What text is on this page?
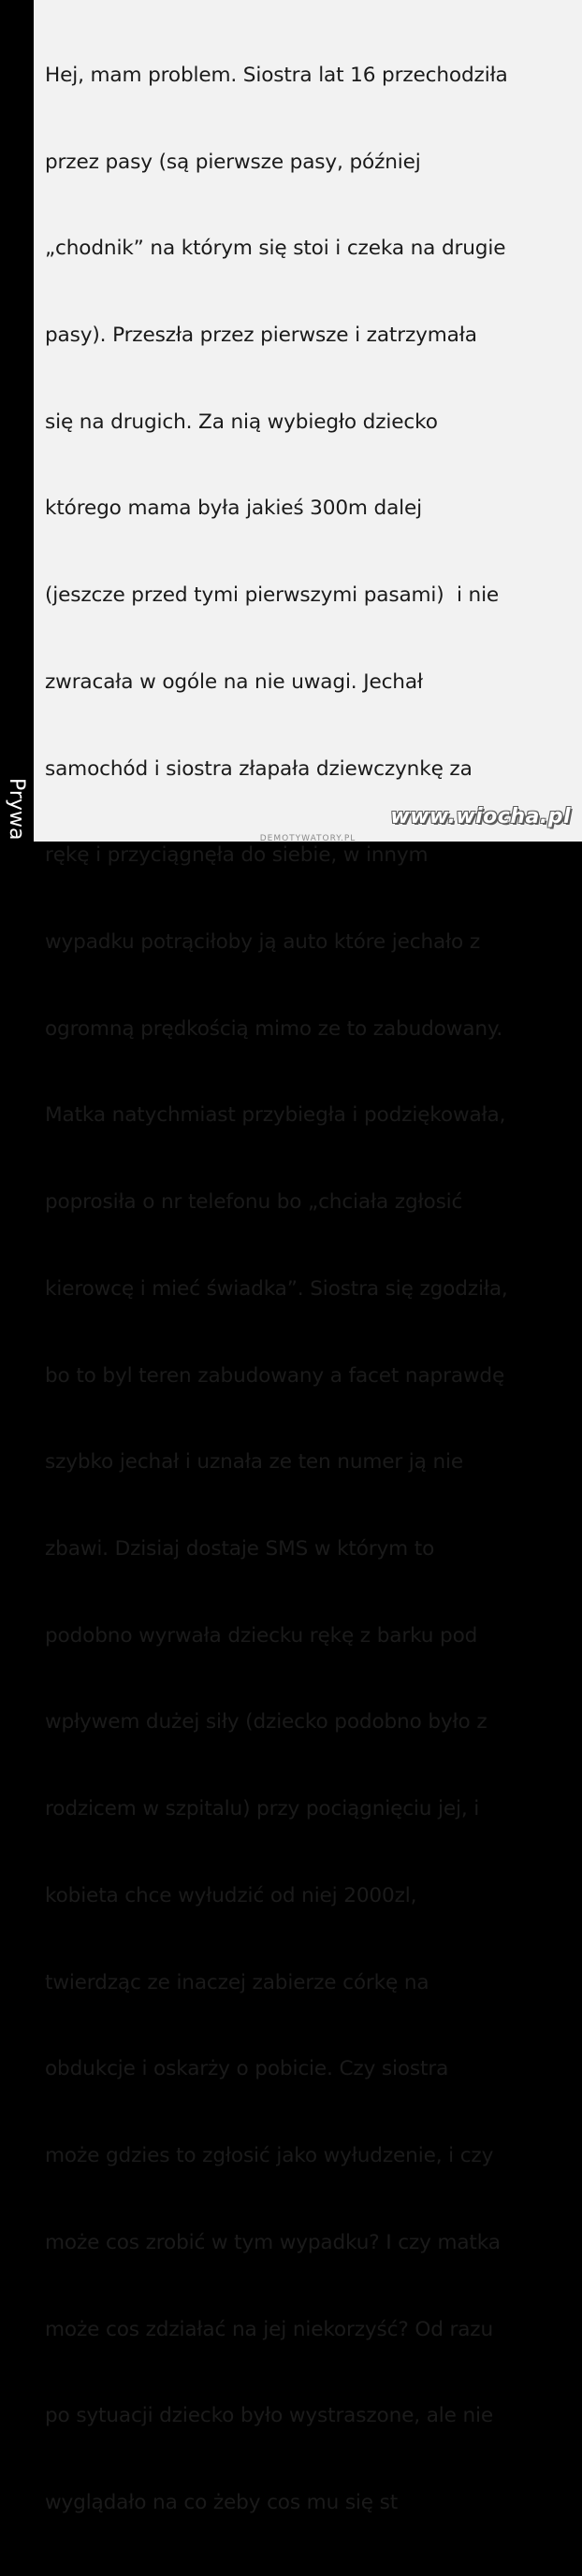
Hej, mam problem. Siostra lat 16 przechodziła

przez pasy (są pierwsze pasy, później

„chodnik” na którym się stoi i czeka na drugie

pasy). Przeszła przez pierwsze i zatrzymała

się na drugich. Za nią wybiegło dziecko

którego mama była jakieś 300m dalej

(jeszcze przed tymi pierwszymi pasami)  i nie

zwracała w ogóle na nie uwagi. Jechał

samochód i siostra złapała dziewczynkę za

rękę i przyciągnęła do siebie, w innym

wypadku potrąciłoby ją auto które jechało z

ogromną prędkością mimo ze to zabudowany.

Matka natychmiast przybiegła i podziękowała,

poprosiła o nr telefonu bo „chciała zgłosić

kierowcę i mieć świadka”. Siostra się zgodziła,

bo to byl teren zabudowany a facet naprawdę

szybko jechał i uznała ze ten numer ją nie

zbawi. Dzisiaj dostaje SMS w którym to

podobno wyrwała dziecku rękę z barku pod

wpływem dużej siły (dziecko podobno było z

rodzicem w szpitalu) przy pociągnięciu jej, i

kobieta chce wyłudzić od niej 2000zl,

twierdząc ze inaczej zabierze córkę na

obdukcje i oskarży o pobicie. Czy siostra

może gdzies to zgłosić jako wyłudzenie, i czy

może cos zrobić w tym wypadku? I czy matka

może cos zdziałać na jej niekorzyść? Od razu

po sytuacji dziecko było wystraszone, ale nie

wyglądało na co żeby cos mu się st

DEMOTYWATORY.PL
Prywa	www.wiocha.pl
